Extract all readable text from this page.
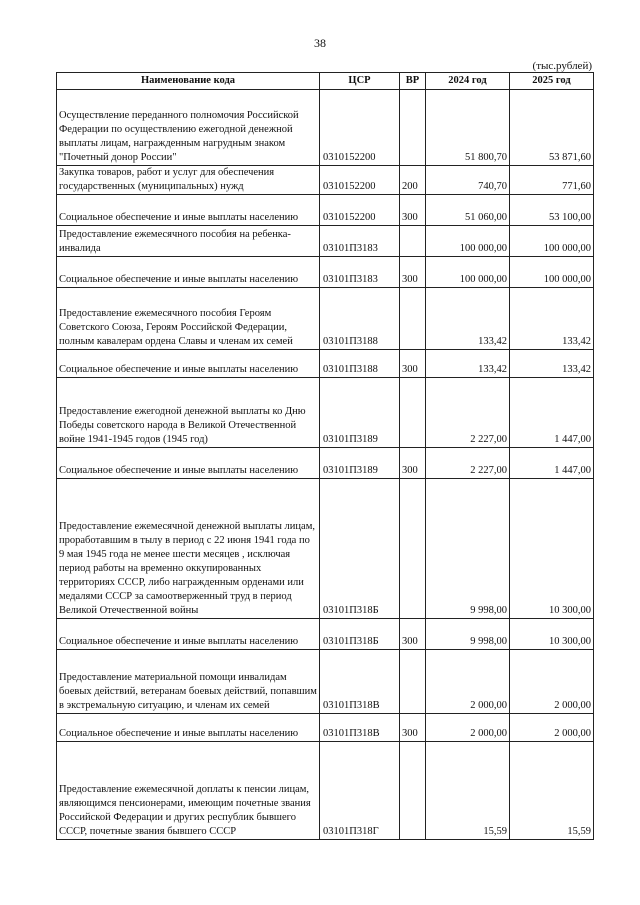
38
(тыс.рублей)
Наименование кода	ЦСР	ВР	2024 год	2025 год
Осуществление переданного полномочия Российской Федерации по осуществлению ежегодной денежной выплаты лицам, награжденным нагрудным знаком "Почетный донор России"	0310152200		51 800,70	53 871,60
Закупка товаров, работ и услуг для обеспечения государственных (муниципальных) нужд	0310152200	200	740,70	771,60
Социальное обеспечение и иные выплаты населению	0310152200	300	51 060,00	53 100,00
Предоставление ежемесячного пособия на ребенка-инвалида	03101П3183		100 000,00	100 000,00
Социальное обеспечение и иные выплаты населению	03101П3183	300	100 000,00	100 000,00
Предоставление ежемесячного пособия Героям Советского Союза, Героям Российской Федерации, полным кавалерам ордена Славы и членам их семей	03101П3188		133,42	133,42
Социальное обеспечение и иные выплаты населению	03101П3188	300	133,42	133,42
Предоставление ежегодной денежной выплаты ко Дню Победы советского народа в Великой Отечественной войне 1941-1945 годов (1945 год)	03101П3189		2 227,00	1 447,00
Социальное обеспечение и иные выплаты населению	03101П3189	300	2 227,00	1 447,00
Предоставление ежемесячной денежной выплаты лицам, проработавшим в тылу в период с 22 июня 1941 года по 9 мая 1945 года не менее шести месяцев , исключая период работы на временно оккупированных территориях СССР, либо награжденным орденами или медалями СССР за самоотверженный труд в период Великой Отечественной войны	03101П318Б		9 998,00	10 300,00
Социальное обеспечение и иные выплаты населению	03101П318Б	300	9 998,00	10 300,00
Предоставление материальной помощи инвалидам боевых действий, ветеранам боевых действий, попавшим в экстремальную ситуацию, и членам их семей	03101П318В		2 000,00	2 000,00
Социальное обеспечение и иные выплаты населению	03101П318В	300	2 000,00	2 000,00
Предоставление ежемесячной доплаты к пенсии лицам, являющимся пенсионерами, имеющим почетные звания Российской Федерации и других республик бывшего СССР, почетные звания бывшего СССР	03101П318Г		15,59	15,59
